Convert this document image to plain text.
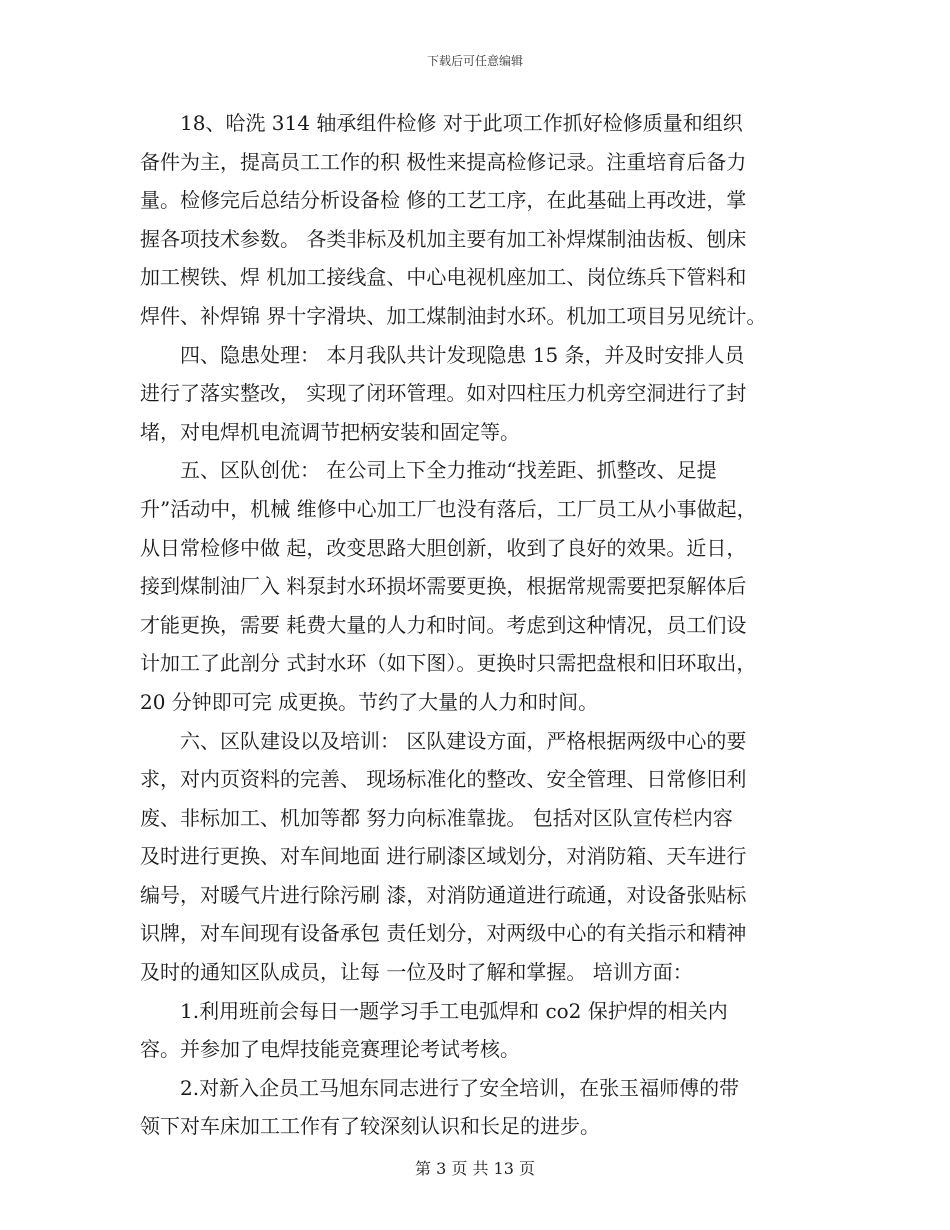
下载后可任意编辑
　　18、哈洗 314 轴承组件检修 对于此项工作抓好检修质量和组织
备件为主，提高员工工作的积 极性来提高检修记录。注重培育后备力
量。检修完后总结分析设备检 修的工艺工序，在此基础上再改进，掌
握各项技术参数。 各类非标及机加主要有加工补焊煤制油齿板、刨床
加工楔铁、焊 机加工接线盒、中心电视机座加工、岗位练兵下管料和
焊件、补焊锦 界十字滑块、加工煤制油封水环。机加工项目另见统计。
　　四、隐患处理： 本月我队共计发现隐患 15 条，并及时安排人员
进行了落实整改， 实现了闭环管理。如对四柱压力机旁空洞进行了封
堵，对电焊机电流调节把柄安装和固定等。
　　五、区队创优： 在公司上下全力推动“找差距、抓整改、足提
升”活动中，机械 维修中心加工厂也没有落后，工厂员工从小事做起，
从日常检修中做 起，改变思路大胆创新，收到了良好的效果。近日，
接到煤制油厂入 料泵封水环损坏需要更换，根据常规需要把泵解体后
才能更换，需要 耗费大量的人力和时间。考虑到这种情况，员工们设
计加工了此剖分 式封水环（如下图）。更换时只需把盘根和旧环取出，
20 分钟即可完 成更换。节约了大量的人力和时间。
　　六、区队建设以及培训： 区队建设方面，严格根据两级中心的要
求，对内页资料的完善、 现场标准化的整改、安全管理、日常修旧利
废、非标加工、机加等都 努力向标准靠拢。 包括对区队宣传栏内容
及时进行更换、对车间地面 进行刷漆区域划分，对消防箱、天车进行
编号，对暖气片进行除污刷 漆，对消防通道进行疏通，对设备张贴标
识牌，对车间现有设备承包 责任划分，对两级中心的有关指示和精神
及时的通知区队成员，让每 一位及时了解和掌握。 培训方面：
　　1.利用班前会每日一题学习手工电弧焊和 co2 保护焊的相关内
容。并参加了电焊技能竞赛理论考试考核。
　　2.对新入企员工马旭东同志进行了安全培训，在张玉福师傅的带
领下对车床加工工作有了较深刻认识和长足的进步。
第 3 页 共 13 页
